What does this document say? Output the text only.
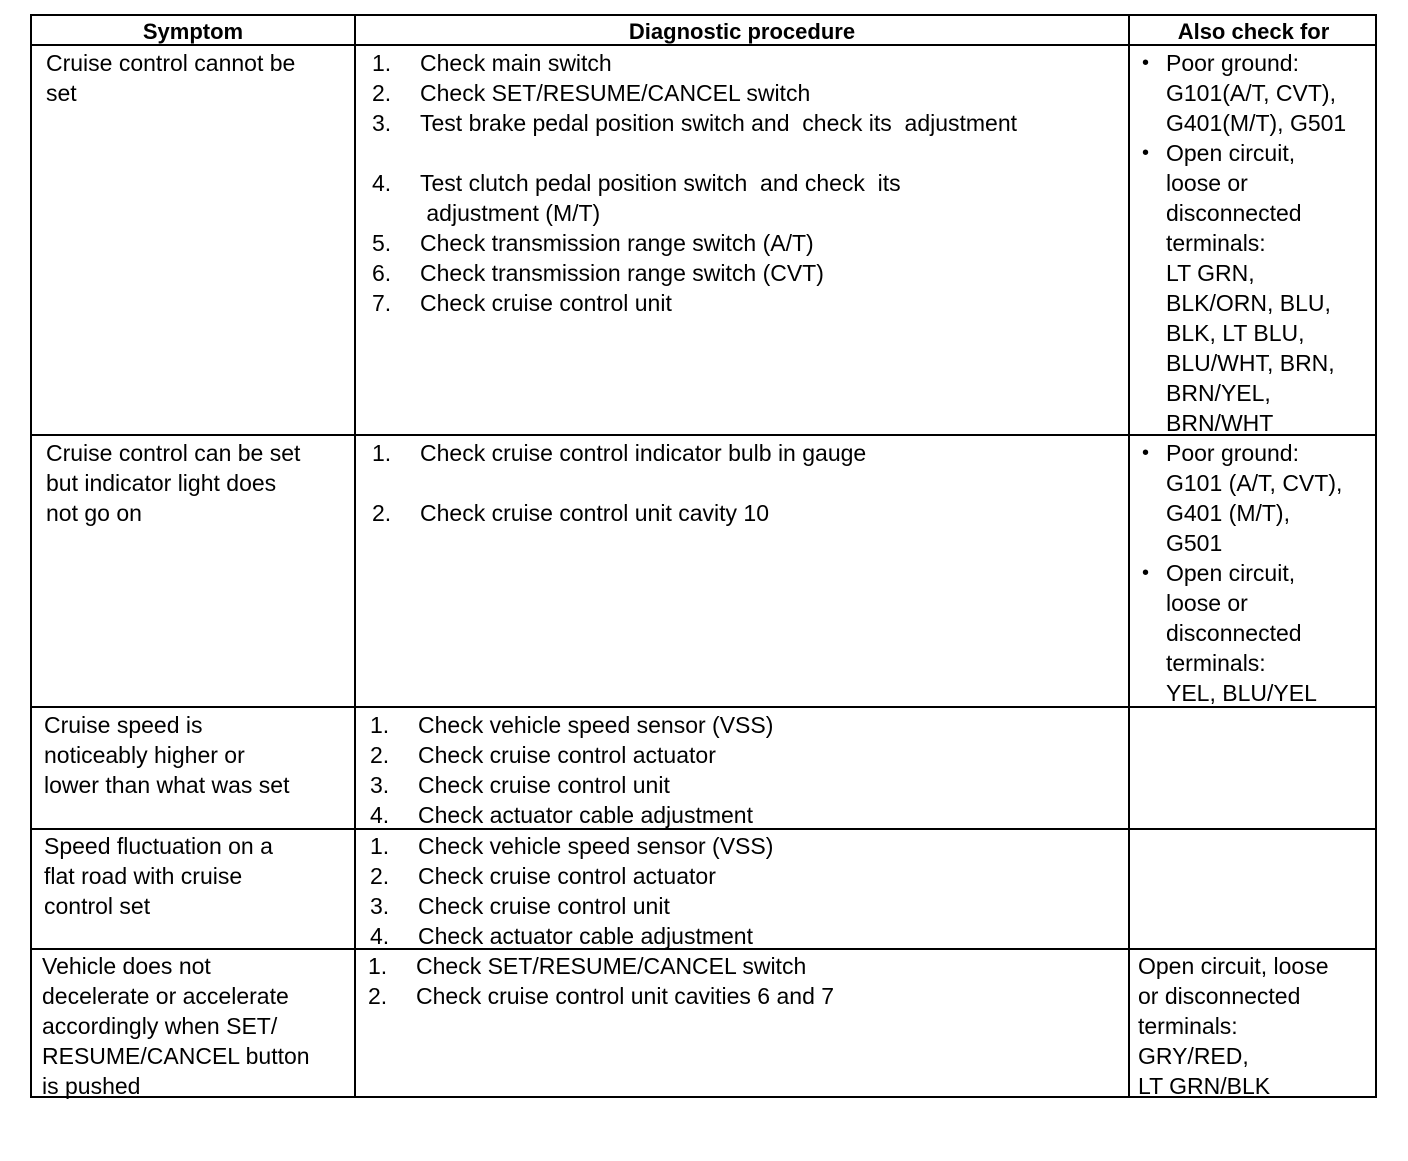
Symptom	Diagnostic procedure	Also check for

Cruise control cannot be

set

1. Check main switch

2. Check SET/RESUME/CANCEL switch

3. Test brake pedal position switch and  check its  adjustment

4. Test clutch pedal position switch  and check  its

adjustment (M/T)

5. Check transmission range switch (A/T)

6. Check transmission range switch (CVT)

7. Check cruise control unit

• Poor ground:

G101(A/T, CVT),

G401(M/T), G501

• Open circuit,

loose or

disconnected

terminals:

LT GRN,

BLK/ORN, BLU,

BLK, LT BLU,

BLU/WHT, BRN,

BRN/YEL,

BRN/WHT

Cruise control can be set

but indicator light does

not go on

1. Check cruise control indicator bulb in gauge

2. Check cruise control unit cavity 10

• Poor ground:

G101 (A/T, CVT),

G401 (M/T),

G501

• Open circuit,

loose or

disconnected

terminals:

YEL, BLU/YEL

Cruise speed is

noticeably higher or

lower than what was set

1. Check vehicle speed sensor (VSS)

2. Check cruise control actuator

3. Check cruise control unit

4. Check actuator cable adjustment

Speed fluctuation on a

flat road with cruise

control set

1. Check vehicle speed sensor (VSS)

2. Check cruise control actuator

3. Check cruise control unit

4. Check actuator cable adjustment

Vehicle does not

decelerate or accelerate

accordingly when SET/

RESUME/CANCEL button

is pushed

1. Check SET/RESUME/CANCEL switch

2. Check cruise control unit cavities 6 and 7

Open circuit, loose

or disconnected

terminals:

GRY/RED,

LT GRN/BLK
